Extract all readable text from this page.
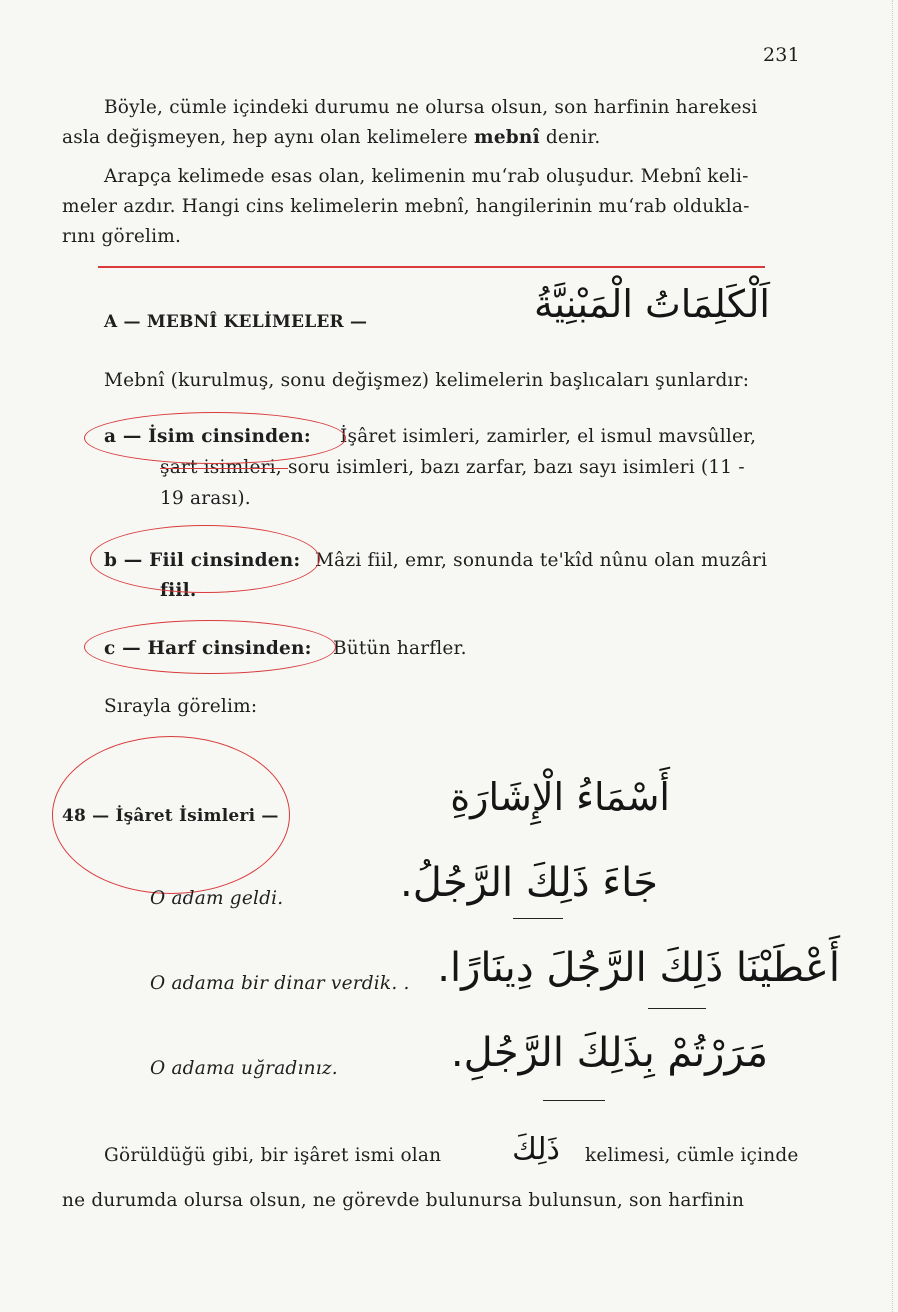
231
Böyle, cümle içindeki durumu ne olursa olsun, son harfinin harekesi
asla değişmeyen, hep aynı olan kelimelere mebnî denir.
Arapça kelimede esas olan, kelimenin mu‘rab oluşudur. Mebnî keli-
meler azdır. Hangi cins kelimelerin mebnî, hangilerinin mu‘rab oldukla-
rını görelim.
A — MEBNÎ KELİMELER —	اَلْكَلِمَاتُ الْمَبْنِيَّةُ
Mebnî (kurulmuş, sonu değişmez) kelimelerin başlıcaları şunlardır:
a — İsim cinsinden: İşâret isimleri, zamirler, el ismul mavsûller,
şart isimleri, soru isimleri, bazı zarfar, bazı sayı isimleri (11 -
19 arası).
b — Fiil cinsinden: Mâzi fiil, emr, sonunda te'kîd nûnu olan muzâri
fiil.
c — Harf cinsinden: Bütün harfler.
Sırayla görelim:
48 — İşâret İsimleri —	أَسْمَاءُ الْإِشَارَةِ
O adam geldi.	جَاءَ ذَلِكَ الرَّجُلُ.
O adama bir dinar verdik. . أَعْطَيْنَا ذَلِكَ الرَّجُلَ دِينَارًا.
O adama uğradınız.	مَرَرْتُمْ بِذَلِكَ الرَّجُلِ.
Görüldüğü gibi, bir işâret ismi olan	ذَلِكَ	kelimesi, cümle içinde
ne durumda olursa olsun, ne görevde bulunursa bulunsun, son harfinin
